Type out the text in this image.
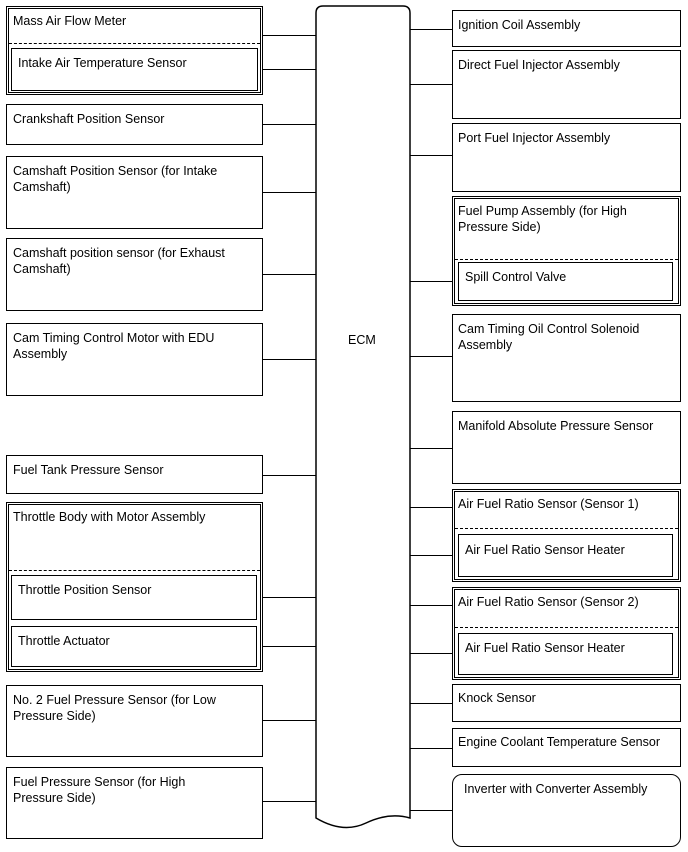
ECM
Mass Air Flow Meter
Intake Air Temperature Sensor
Crankshaft Position Sensor
Camshaft Position Sensor (for Intake Camshaft)
Camshaft position sensor (for Exhaust Camshaft)
Cam Timing Control Motor with EDU Assembly
Fuel Tank Pressure Sensor
Throttle Body with Motor Assembly
Throttle Position Sensor
Throttle Actuator
No. 2 Fuel Pressure Sensor (for Low Pressure Side)
Fuel Pressure Sensor (for High Pressure Side)
Ignition Coil Assembly
Direct Fuel Injector Assembly
Port Fuel Injector Assembly
Fuel Pump Assembly (for High Pressure Side)
Spill Control Valve
Cam Timing Oil Control Solenoid Assembly
Manifold Absolute Pressure Sensor
Air Fuel Ratio Sensor (Sensor 1)
Air Fuel Ratio Sensor Heater
Air Fuel Ratio Sensor (Sensor 2)
Air Fuel Ratio Sensor Heater
Knock Sensor
Engine Coolant Temperature Sensor
Inverter with Converter Assembly
